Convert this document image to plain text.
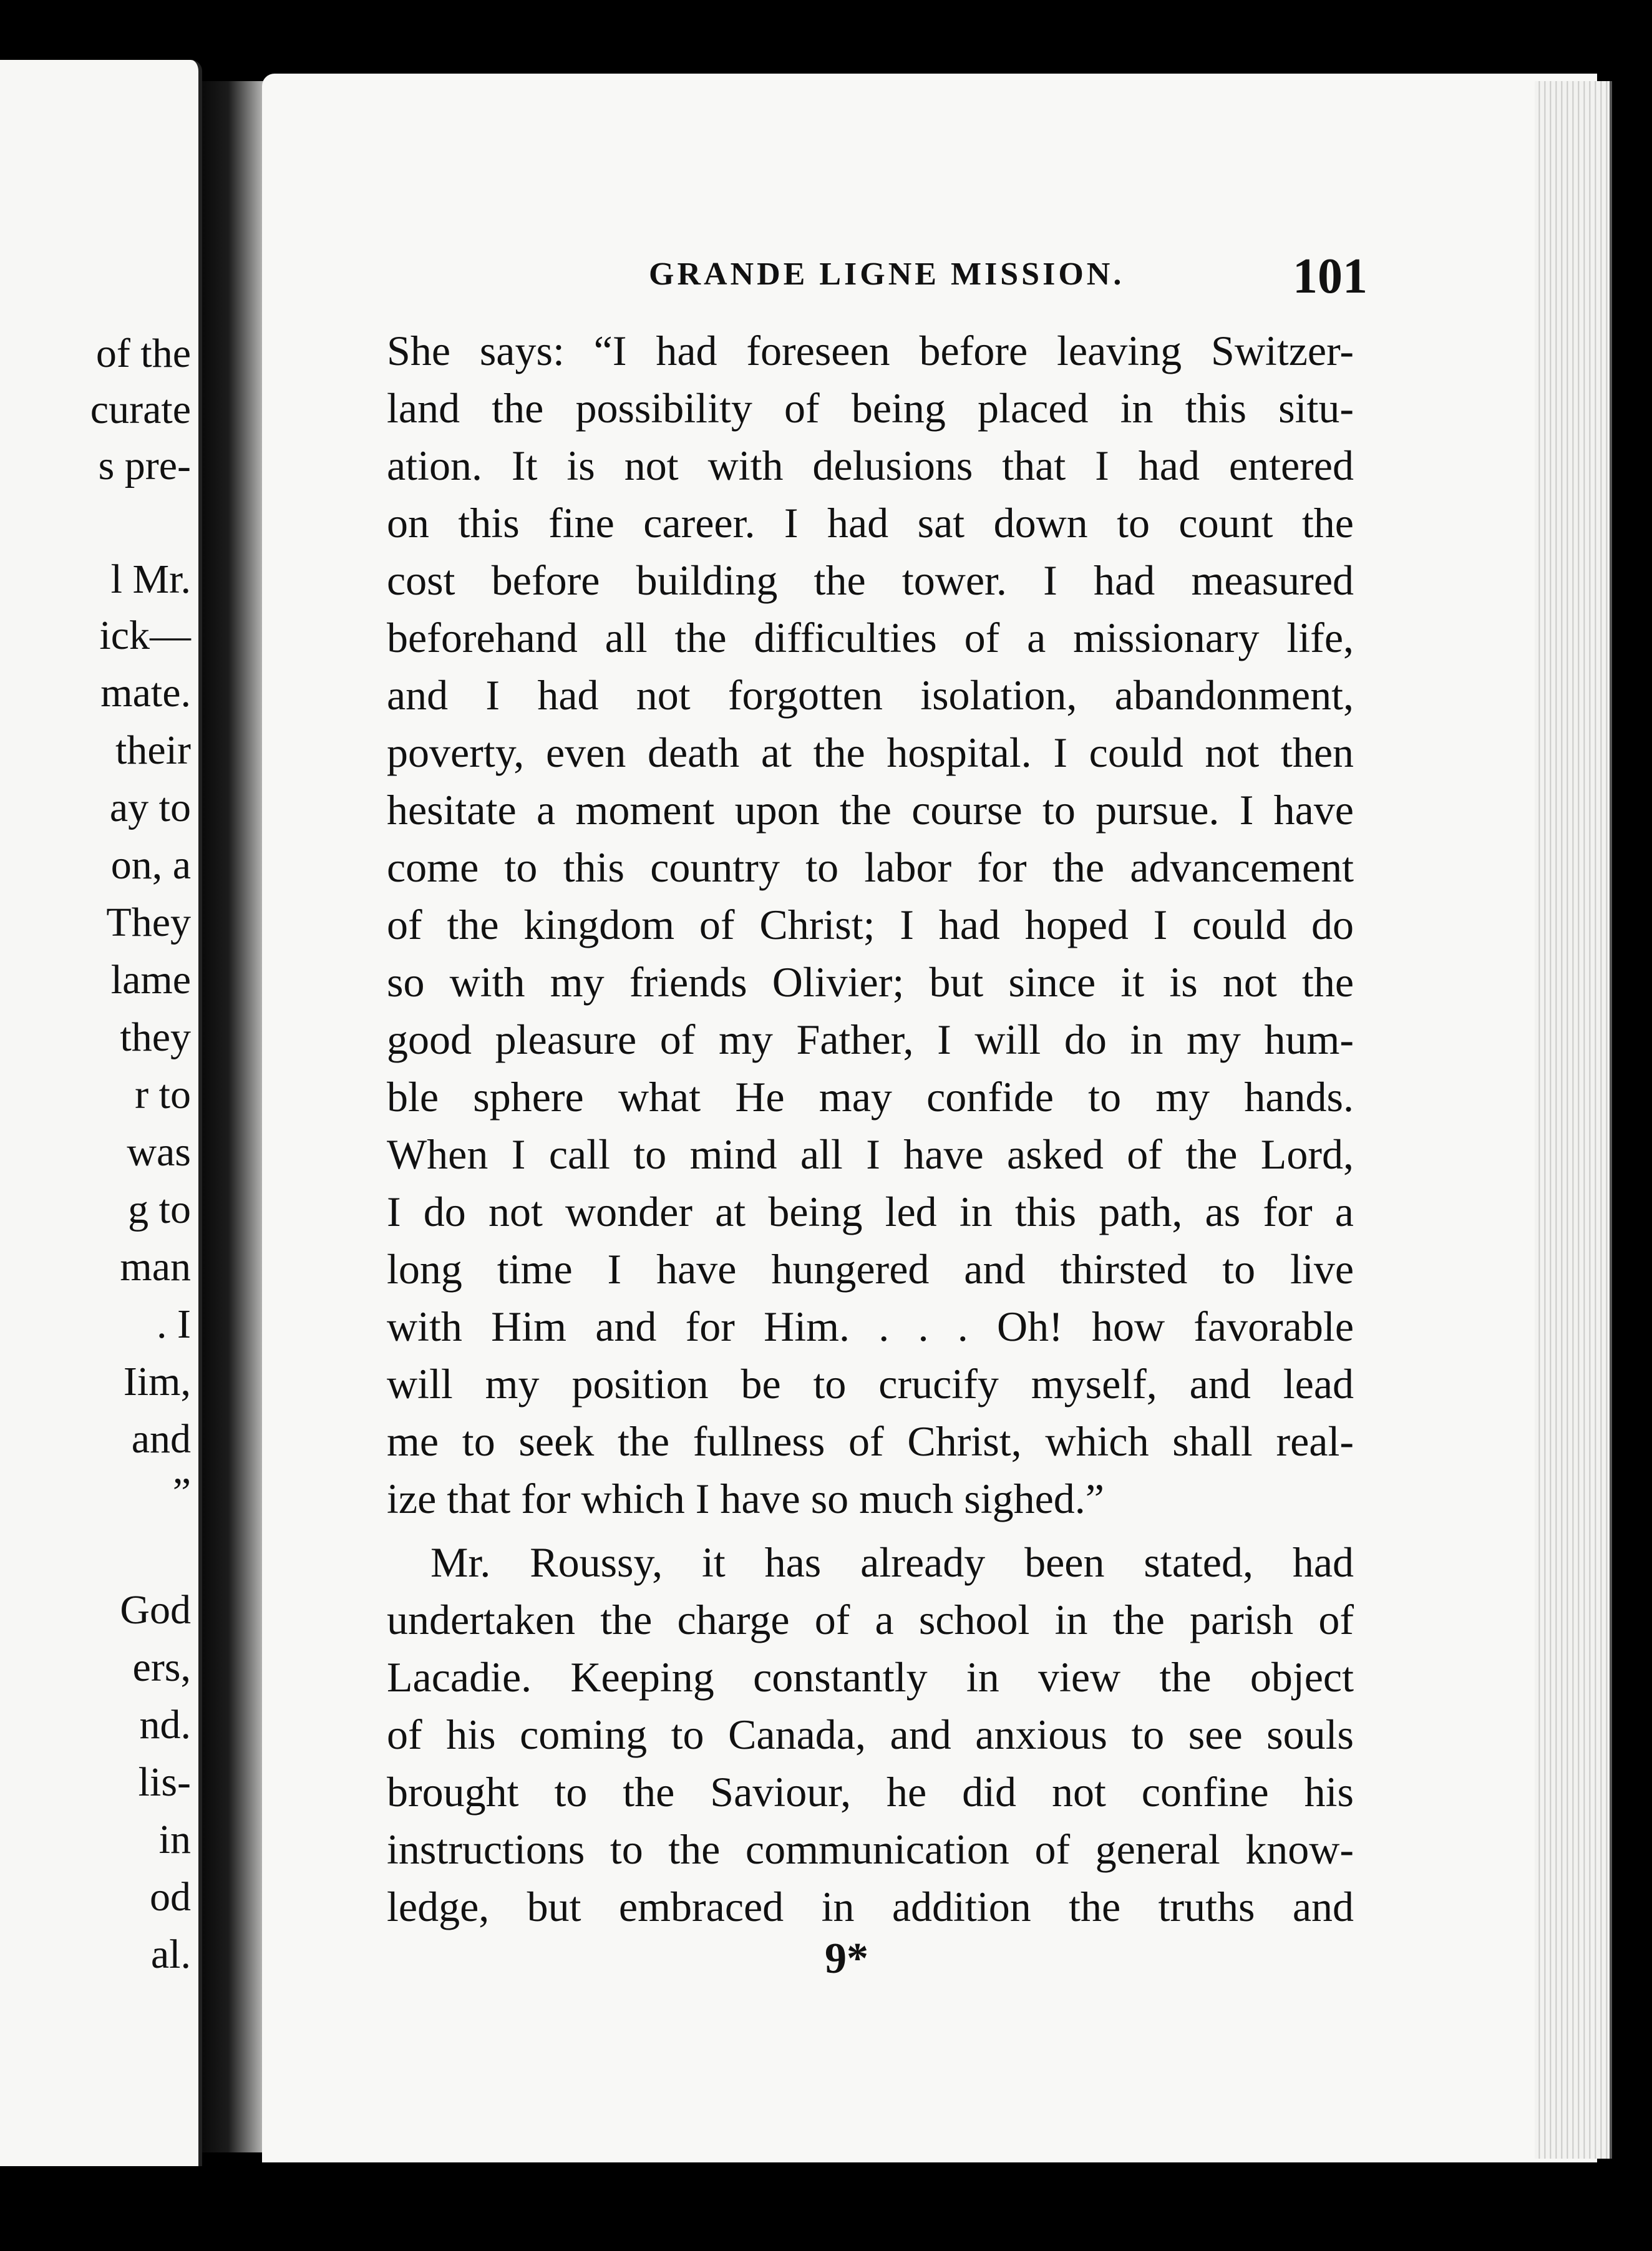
of the
curate
s pre-
l Mr.
ick—
mate.
their
ay to
on, a
They
lame
they
r to
was
g to
man
. I
Iim,
and
”
God
ers,
nd.
lis-
in
od
al.
GRANDE LIGNE MISSION.	101
She says: “I had foreseen before leaving Switzer-
land the possibility of being placed in this situ-
ation. It is not with delusions that I had entered
on this fine career. I had sat down to count the
cost before building the tower. I had measured
beforehand all the difficulties of a missionary life,
and I had not forgotten isolation, abandonment,
poverty, even death at the hospital. I could not then
hesitate a moment upon the course to pursue. I have
come to this country to labor for the advancement
of the kingdom of Christ; I had hoped I could do
so with my friends Olivier; but since it is not the
good pleasure of my Father, I will do in my hum-
ble sphere what He may confide to my hands.
When I call to mind all I have asked of the Lord,
I do not wonder at being led in this path, as for a
long time I have hungered and thirsted to live
with Him and for Him. . . . Oh! how favorable
will my position be to crucify myself, and lead
me to seek the fullness of Christ, which shall real-
ize that for which I have so much sighed.”
Mr. Roussy, it has already been stated, had
undertaken the charge of a school in the parish of
Lacadie. Keeping constantly in view the object
of his coming to Canada, and anxious to see souls
brought to the Saviour, he did not confine his
instructions to the communication of general know-
ledge, but embraced in addition the truths and
9*
